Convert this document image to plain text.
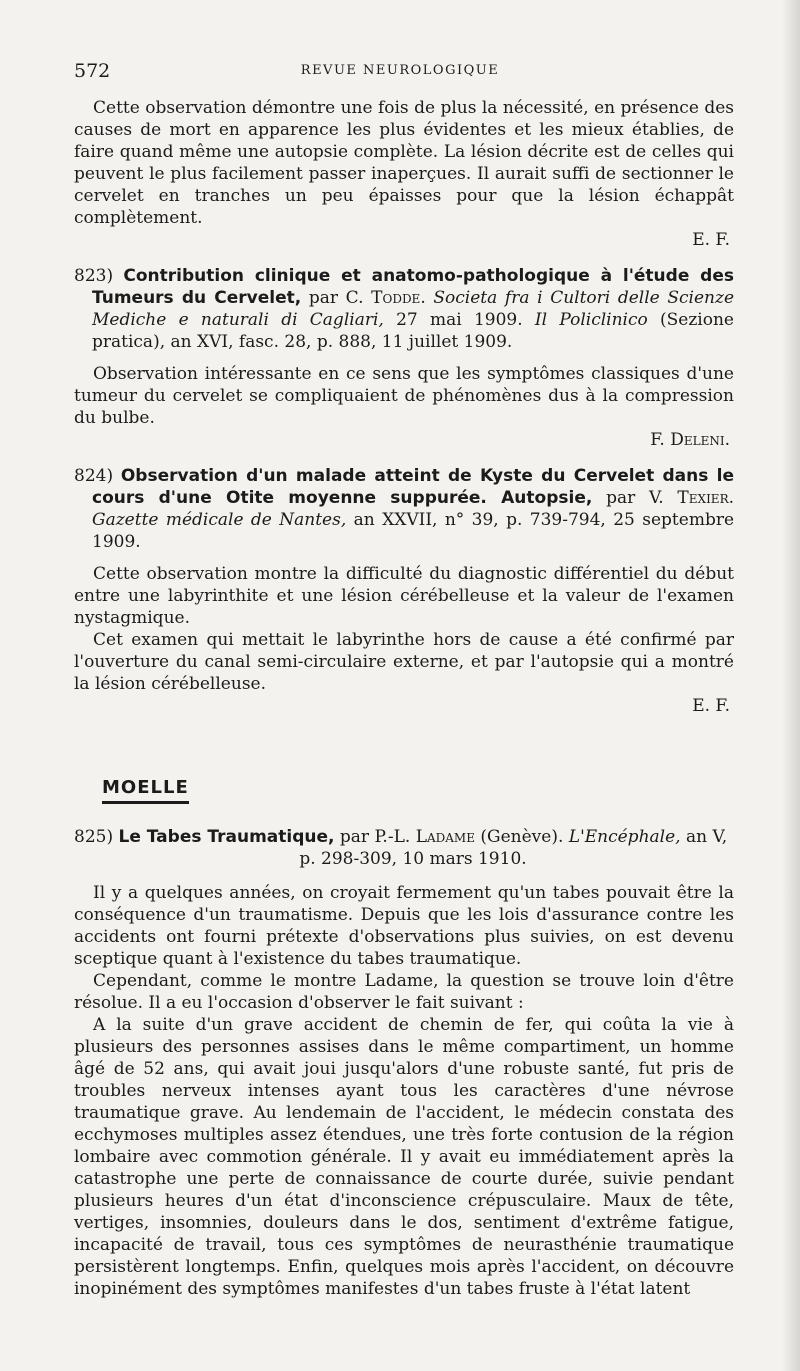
572	REVUE NEUROLOGIQUE

Cette observation démontre une fois de plus la nécessité, en présence des causes de mort en apparence les plus évidentes et les mieux établies, de faire quand même une autopsie complète. La lésion décrite est de celles qui peuvent le plus facilement passer inaperçues. Il aurait suffi de sectionner le cervelet en tranches un peu épaisses pour que la lésion échappât complètement.

E. F.

823) Contribution clinique et anatomo-pathologique à l'étude des Tumeurs du Cervelet, par C. Todde. Societa fra i Cultori delle Scienze Mediche e naturali di Cagliari, 27 mai 1909. Il Policlinico (Sezione pratica), an XVI, fasc. 28, p. 888, 11 juillet 1909.

Observation intéressante en ce sens que les symptômes classiques d'une tumeur du cervelet se compliquaient de phénomènes dus à la compression du bulbe.

F. Deleni.

824) Observation d'un malade atteint de Kyste du Cervelet dans le cours d'une Otite moyenne suppurée. Autopsie, par V. Texier. Gazette médicale de Nantes, an XXVII, n° 39, p. 739-794, 25 septembre 1909.

Cette observation montre la difficulté du diagnostic différentiel du début entre une labyrinthite et une lésion cérébelleuse et la valeur de l'examen nystagmique.

Cet examen qui mettait le labyrinthe hors de cause a été confirmé par l'ouverture du canal semi-circulaire externe, et par l'autopsie qui a montré la lésion cérébelleuse.

E. F.

MOELLE

825) Le Tabes Traumatique, par P.-L. Ladame (Genève). L'Encéphale, an V,
p. 298-309, 10 mars 1910.

Il y a quelques années, on croyait fermement qu'un tabes pouvait être la conséquence d'un traumatisme. Depuis que les lois d'assurance contre les accidents ont fourni prétexte d'observations plus suivies, on est devenu sceptique quant à l'existence du tabes traumatique.

Cependant, comme le montre Ladame, la question se trouve loin d'être résolue. Il a eu l'occasion d'observer le fait suivant :

A la suite d'un grave accident de chemin de fer, qui coûta la vie à plusieurs des personnes assises dans le même compartiment, un homme âgé de 52 ans, qui avait joui jusqu'alors d'une robuste santé, fut pris de troubles nerveux intenses ayant tous les caractères d'une névrose traumatique grave. Au lendemain de l'accident, le médecin constata des ecchymoses multiples assez étendues, une très forte contusion de la région lombaire avec commotion générale. Il y avait eu immédiatement après la catastrophe une perte de connaissance de courte durée, suivie pendant plusieurs heures d'un état d'inconscience crépusculaire. Maux de tête, vertiges, insomnies, douleurs dans le dos, sentiment d'extrême fatigue, incapacité de travail, tous ces symptômes de neurasthénie traumatique persistèrent longtemps. Enfin, quelques mois après l'accident, on découvre inopinément des symptômes manifestes d'un tabes fruste à l'état latent
